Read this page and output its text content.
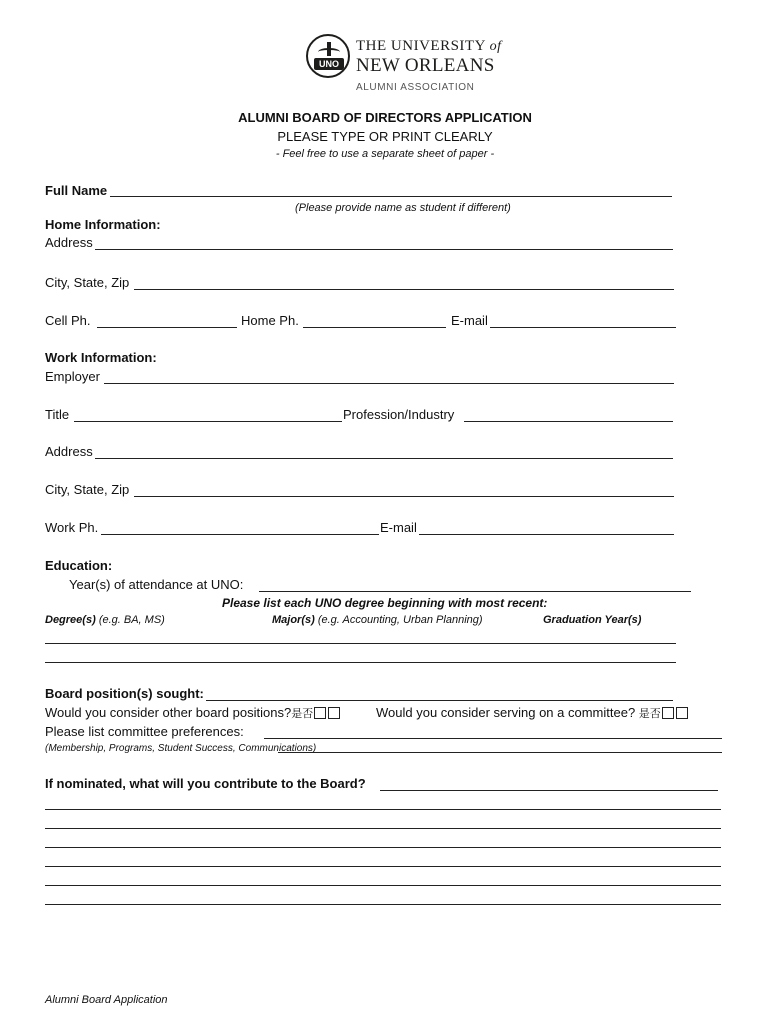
UNO
THE UNIVERSITY of
NEW ORLEANS
ALUMNI ASSOCIATION
ALUMNI BOARD OF DIRECTORS APPLICATION
PLEASE TYPE OR PRINT CLEARLY
- Feel free to use a separate sheet of paper -
Full Name
(Please provide name as student if different)
Home Information:
Address
City, State, Zip
Cell Ph.	Home Ph.	E-mail
Work Information:
Employer
Title	Profession/Industry
Address
City, State, Zip
Work Ph.	E-mail
Education:
Year(s) of attendance at UNO:
Please list each UNO degree beginning with most recent:
Degree(s) (e.g. BA, MS)	Major(s) (e.g. Accounting, Urban Planning)	Graduation Year(s)
Board position(s) sought:
Would you consider other board positions?是否	Would you consider serving on a committee? 是否
Please list committee preferences:
(Membership, Programs, Student Success, Communications)
If nominated, what will you contribute to the Board?
Alumni Board Application
